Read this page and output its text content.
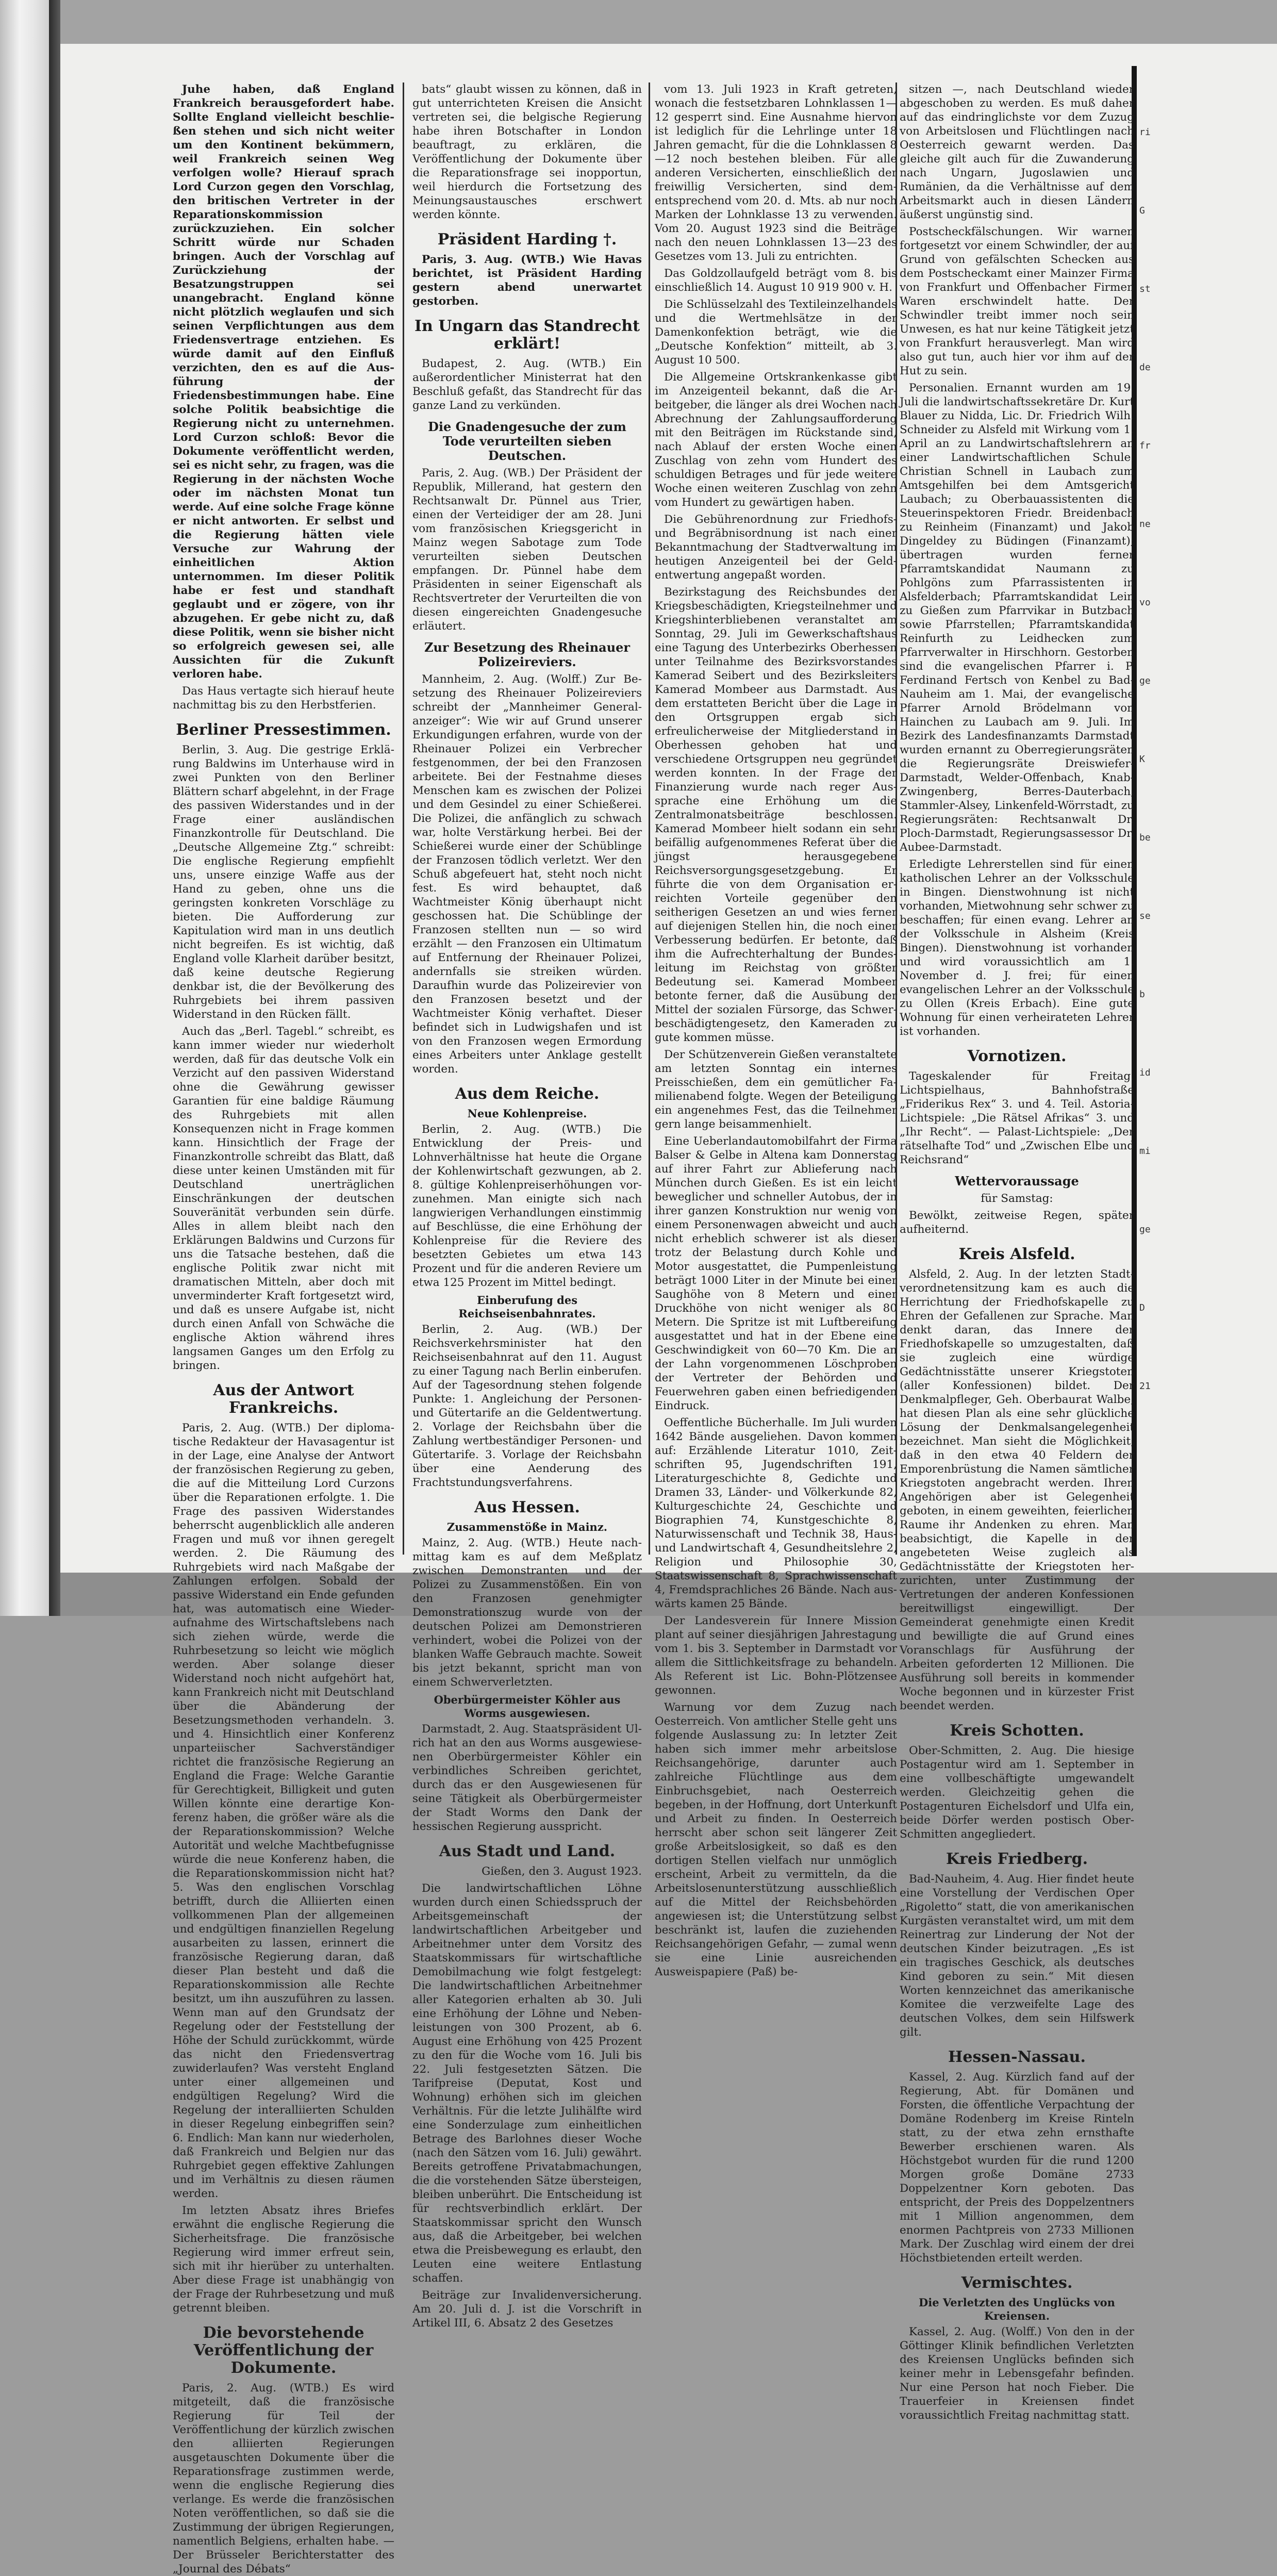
Juhe haben, daß England Frankreich berausgefordert habe. Sollte England vielleicht beschließen stehen und sich nicht weiter um den Kontinent bekümmern, weil Frankreich seinen Weg verfolgen wolle? Hierauf sprach Lord Curzon gegen den Vorschlag, den britischen Vertreter in der Reparationskommission zurückzuziehen. Ein solcher Schritt würde nur Schaden bringen. Auch der Vorschlag auf Zurückziehung der Besatzungstruppen sei unangebracht. England könne nicht plötzlich weglaufen und sich seinen Verpflichtungen aus dem Friedensvertrage entziehen. Es würde damit auf den Einfluß verzichten, den es auf die Ausführung der Friedensbestimmungen habe. Eine solche Politik beabsichtige die Regierung nicht zu unternehmen. Lord Curzon schloß: Bevor die Dokumente veröffentlicht werden, sei es nicht sehr, zu fragen, was die Regierung in der nächsten Woche oder im nächsten Monat tun werde. Auf eine solche Frage könne er nicht antworten. Er selbst und die Regierung hätten viele Versuche zur Wahrung der einheitlichen Aktion unternommen. Im dieser Politik habe er fest und standhaft geglaubt und er zögere, von ihr abzugehen. Er gebe nicht zu, daß diese Politik, wenn sie bisher nicht so erfolgreich gewesen sei, alle Aussichten für die Zukunft verloren habe.

Das Haus vertagte sich hierauf heute nachmittag bis zu den Herbstferien.

Berliner Pressestimmen.

Berlin, 3. Aug. Die gestrige Erklärung Baldwins im Unterhause wird in zwei Punkten von den Berliner Blättern scharf abgelehnt, in der Frage des passiven Widerstandes und in der Frage einer ausländischen Finanzkontrolle für Deutschland. Die „Deutsche Allgemeine Ztg.“ schreibt: Die englische Regierung empfiehlt uns, unsere einzige Waffe aus der Hand zu geben, ohne uns die geringsten konkreten Vorschläge zu bieten. Die Aufforderung zur Kapitulation wird man in uns deutlich nicht begreifen. Es ist wichtig, daß England volle Klarheit darüber besitzt, daß keine deutsche Regierung denkbar ist, die der Bevölkerung des Ruhrgebiets bei ihrem passiven Widerstand in den Rücken fällt.

Auch das „Berl. Tagebl.“ schreibt, es kann immer wieder nur wiederholt werden, daß für das deutsche Volk ein Verzicht auf den passiven Widerstand ohne die Gewährung gewisser Garantien für eine baldige Räumung des Ruhrgebiets mit allen Konsequenzen nicht in Frage kommen kann. Hinsichtlich der Frage der Finanzkontrolle schreibt das Blatt, daß diese unter keinen Umständen mit für Deutschland unerträglichen Einschränkungen der deutschen Souveränität verbunden sein dürfe. Alles in allem bleibt nach den Erklärungen Baldwins und Curzons für uns die Tatsache bestehen, daß die englische Politik zwar nicht mit dramatischen Mitteln, aber doch mit unverminderter Kraft fortgesetzt wird, und daß es unsere Aufgabe ist, nicht durch einen Anfall von Schwäche die englische Aktion während ihres langsamen Ganges um den Erfolg zu bringen.

Aus der Antwort Frankreichs.

Paris, 2. Aug. (WTB.) Der diplomatische Redakteur der Havasagentur ist in der Lage, eine Analyse der Antwort der französischen Regierung zu geben, die auf die Mitteilung Lord Curzons über die Reparationen erfolgte. 1. Die Frage des passiven Widerstandes beherrscht augenblicklich alle anderen Fragen und muß vor ihnen geregelt werden. 2. Die Räumung des Ruhrgebiets wird nach Maßgabe der Zahlungen erfolgen. Sobald der passive Widerstand ein Ende gefunden hat, was automatisch eine Wiederaufnahme des Wirtschaftslebens nach sich ziehen würde, werde die Ruhrbesetzung so leicht wie möglich werden. Aber solange dieser Widerstand noch nicht aufgehört hat, kann Frankreich nicht mit Deutschland über die Abänderung der Besetzungsmethoden verhandeln. 3. und 4. Hinsichtlich einer Konferenz unparteiischer Sachverständiger richtet die französische Regierung an England die Frage: Welche Garantie für Gerechtigkeit, Billigkeit und guten Willen könnte eine derartige Konferenz haben, die größer wäre als die der Reparationskommission? Welche Autorität und welche Machtbefugnisse würde die neue Konferenz haben, die die Reparationskommission nicht hat? 5. Was den englischen Vorschlag betrifft, durch die Alliierten einen vollkommenen Plan der allgemeinen und endgültigen finanziellen Regelung ausarbeiten zu lassen, erinnert die französische Regierung daran, daß dieser Plan besteht und daß die Reparationskommission alle Rechte besitzt, um ihn auszuführen zu lassen. Wenn man auf den Grundsatz der Regelung oder der Feststellung der Höhe der Schuld zurückkommt, würde das nicht den Friedensvertrag zuwiderlaufen? Was versteht England unter einer allgemeinen und endgültigen Regelung? Wird die Regelung der interalliierten Schulden in dieser Regelung einbegriffen sein? 6. Endlich: Man kann nur wiederholen, daß Frankreich und Belgien nur das Ruhrgebiet gegen effektive Zahlungen und im Verhältnis zu diesen räumen werden.

Im letzten Absatz ihres Briefes erwähnt die englische Regierung die Sicherheitsfrage. Die französische Regierung wird immer erfreut sein, sich mit ihr hierüber zu unterhalten. Aber diese Frage ist unabhängig von der Frage der Ruhrbesetzung und muß getrennt bleiben.

Die bevorstehende Veröffentlichung der Dokumente.

Paris, 2. Aug. (WTB.) Es wird mitgeteilt, daß die französische Regierung für Teil der Veröffentlichung der kürzlich zwischen den alliierten Regierungen ausgetauschten Dokumente über die Reparationsfrage zustimmen werde, wenn die englische Regierung dies verlange. Es werde die französischen Noten veröffentlichen, so daß sie die Zustimmung der übrigen Regierungen, namentlich Belgiens, erhalten habe. — Der Brüsseler Berichterstatter des „Journal des Débats“

bats“ glaubt wissen zu können, daß in gut unterrichteten Kreisen die Ansicht vertreten sei, die belgische Regierung habe ihren Botschafter in London beauftragt, zu erklären, die Veröffentlichung der Dokumente über die Reparationsfrage sei inopportun, weil hierdurch die Fortsetzung des Meinungsaustausches erschwert werden könnte.

Präsident Harding †.

Paris, 3. Aug. (WTB.) Wie Havas berichtet, ist Präsident Harding gestern abend unerwartet gestorben.

In Ungarn das Standrecht erklärt!

Budapest, 2. Aug. (WTB.) Ein außerordentlicher Ministerrat hat den Beschluß gefaßt, das Standrecht für das ganze Land zu verkünden.

Die Gnadengesuche der zum Tode verurteilten sieben Deutschen.

Paris, 2. Aug. (WB.) Der Präsident der Republik, Millerand, hat gestern den Rechtsanwalt Dr. Pünnel aus Trier, einen der Verteidiger der am 28. Juni vom französischen Kriegsgericht in Mainz wegen Sabotage zum Tode verurteilten sieben Deutschen empfangen. Dr. Pünnel habe dem Präsidenten in seiner Eigenschaft als Rechtsvertreter der Verurteilten die von diesen eingereichten Gnadengesuche erläutert.

Zur Besetzung des Rheinauer Polizeireviers.

Mannheim, 2. Aug. (Wolff.) Zur Besetzung des Rheinauer Polizeireviers schreibt der „Mannheimer Generalanzeiger“: Wie wir auf Grund unserer Erkundigungen erfahren, wurde von der Rheinauer Polizei ein Verbrecher festgenommen, der bei den Franzosen arbeitete. Bei der Festnahme dieses Menschen kam es zwischen der Polizei und dem Gesindel zu einer Schießerei. Die Polizei, die anfänglich zu schwach war, holte Verstärkung herbei. Bei der Schießerei wurde einer der Schüblinge der Franzosen tödlich verletzt. Wer den Schuß abgefeuert hat, steht noch nicht fest. Es wird behauptet, daß Wachtmeister König überhaupt nicht geschossen hat. Die Schüblinge der Franzosen stellten nun — so wird erzählt — den Franzosen ein Ultimatum auf Entfernung der Rheinauer Polizei, andernfalls sie streiken würden. Daraufhin wurde das Polizeirevier von den Franzosen besetzt und der Wachtmeister König verhaftet. Dieser befindet sich in Ludwigshafen und ist von den Franzosen wegen Ermordung eines Arbeiters unter Anklage gestellt worden.

Aus dem Reiche.
Neue Kohlenpreise.

Berlin, 2. Aug. (WTB.) Die Entwicklung der Preis- und Lohnverhältnisse hat heute die Organe der Kohlenwirtschaft gezwungen, ab 2. 8. gültige Kohlenpreiserhöhungen vorzunehmen. Man einigte sich nach langwierigen Verhandlungen einstimmig auf Beschlüsse, die eine Erhöhung der Kohlenpreise für die Reviere des besetzten Gebietes um etwa 143 Prozent und für die anderen Reviere um etwa 125 Prozent im Mittel bedingt.

Einberufung des Reichseisenbahnrates.

Berlin, 2. Aug. (WB.) Der Reichsverkehrsminister hat den Reichseisenbahnrat auf den 11. August zu einer Tagung nach Berlin einberufen. Auf der Tagesordnung stehen folgende Punkte: 1. Angleichung der Personen- und Gütertarife an die Geldentwertung. 2. Vorlage der Reichsbahn über die Zahlung wertbeständiger Personen- und Gütertarife. 3. Vorlage der Reichsbahn über eine Aenderung des Frachtstundungsverfahrens.

Aus Hessen.
Zusammenstöße in Mainz.

Mainz, 2. Aug. (WTB.) Heute nachmittag kam es auf dem Meßplatz zwischen Demonstranten und der Polizei zu Zusammenstößen. Ein von den Franzosen genehmigter Demonstrationszug wurde von der deutschen Polizei am Demonstrieren verhindert, wobei die Polizei von der blanken Waffe Gebrauch machte. Soweit bis jetzt bekannt, spricht man von einem Schwerverletzten.

Oberbürgermeister Köhler aus Worms ausgewiesen.

Darmstadt, 2. Aug. Staatspräsident Ulrich hat an den aus Worms ausgewiesenen Oberbürgermeister Köhler ein verbindliches Schreiben gerichtet, durch das er den Ausgewiesenen für seine Tätigkeit als Oberbürgermeister der Stadt Worms den Dank der hessischen Regierung ausspricht.

Aus Stadt und Land.

Gießen, den 3. August 1923.

Die landwirtschaftlichen Löhne wurden durch einen Schiedsspruch der Arbeitsgemeinschaft der landwirtschaftlichen Arbeitgeber und Arbeitnehmer unter dem Vorsitz des Staatskommissars für wirtschaftliche Demobilmachung wie folgt festgelegt: Die landwirtschaftlichen Arbeitnehmer aller Kategorien erhalten ab 30. Juli eine Erhöhung der Löhne und Nebenleistungen von 300 Prozent, ab 6. August eine Erhöhung von 425 Prozent zu den für die Woche vom 16. Juli bis 22. Juli festgesetzten Sätzen. Die Tarifpreise (Deputat, Kost und Wohnung) erhöhen sich im gleichen Verhältnis. Für die letzte Julihälfte wird eine Sonderzulage zum einheitlichen Betrage des Barlohnes dieser Woche (nach den Sätzen vom 16. Juli) gewährt. Bereits getroffene Privatabmachungen, die die vorstehenden Sätze übersteigen, bleiben unberührt. Die Entscheidung ist für rechtsverbindlich erklärt. Der Staatskommissar spricht den Wunsch aus, daß die Arbeitgeber, bei welchen etwa die Preisbewegung es erlaubt, den Leuten eine weitere Entlastung schaffen.

Beiträge zur Invalidenversicherung. Am 20. Juli d. J. ist die Vorschrift in Artikel III, 6. Absatz 2 des Gesetzes

vom 13. Juli 1923 in Kraft getreten, wonach die festsetzbaren Lohnklassen 1—12 gesperrt sind. Eine Ausnahme hiervon ist lediglich für die Lehrlinge unter 18 Jahren gemacht, für die die Lohnklassen 8—12 noch bestehen bleiben. Für alle anderen Versicherten, einschließlich der freiwillig Versicherten, sind dementsprechend vom 20. d. Mts. ab nur noch Marken der Lohnklasse 13 zu verwenden. Vom 20. August 1923 sind die Beiträge nach den neuen Lohnklassen 13—23 des Gesetzes vom 13. Juli zu entrichten.

Das Goldzollaufgeld beträgt vom 8. bis einschließlich 14. August 10 919 900 v. H.

Die Schlüsselzahl des Textileinzelhandels und die Wertmehlsätze in der Damenkonfektion beträgt, wie die „Deutsche Konfektion“ mitteilt, ab 3. August 10 500.

Die Allgemeine Ortskrankenkasse gibt im Anzeigenteil bekannt, daß die Arbeitgeber, die länger als drei Wochen nach Abrechnung der Zahlungsaufforderung mit den Beiträgen im Rückstande sind, nach Ablauf der ersten Woche einen Zuschlag von zehn vom Hundert des schuldigen Betrages und für jede weitere Woche einen weiteren Zuschlag von zehn vom Hundert zu gewärtigen haben.

Die Gebührenordnung zur Friedhofs- und Begräbnisordnung ist nach einer Bekanntmachung der Stadtverwaltung im heutigen Anzeigenteil bei der Geldentwertung angepaßt worden.

Bezirkstagung des Reichsbundes der Kriegsbeschädigten, Kriegsteilnehmer und Kriegshinterbliebenen veranstaltet am Sonntag, 29. Juli im Gewerkschaftshaus eine Tagung des Unterbezirks Oberhessen unter Teilnahme des Bezirksvorstandes Kamerad Seibert und des Bezirksleiters Kamerad Mombeer aus Darmstadt. Aus dem erstatteten Bericht über die Lage in den Ortsgruppen ergab sich erfreulicherweise der Mitgliederstand in Oberhessen gehoben hat und verschiedene Ortsgruppen neu gegründet werden konnten. In der Frage der Finanzierung wurde nach reger Aussprache eine Erhöhung um die Zentralmonatsbeiträge beschlossen. Kamerad Mombeer hielt sodann ein sehr beifällig aufgenommenes Referat über die jüngst herausgegebene Reichsversorgungsgesetzgebung. Er führte die von dem Organisation erreichten Vorteile gegenüber den seitherigen Gesetzen an und wies ferner auf diejenigen Stellen hin, die noch einer Verbesserung bedürfen. Er betonte, daß ihm die Aufrechterhaltung der Bundesleitung im Reichstag von größter Bedeutung sei. Kamerad Mombeer betonte ferner, daß die Ausübung der Mittel der sozialen Fürsorge, das Schwerbeschädigtengesetz, den Kameraden zu gute kommen müsse.

Der Schützenverein Gießen veranstaltete am letzten Sonntag ein internes Preisschießen, dem ein gemütlicher Familienabend folgte. Wegen der Beteiligung ein angenehmes Fest, das die Teilnehmer gern lange beisammenhielt.

Eine Ueberlandautomobilfahrt der Firma Balser & Gelbe in Altena kam Donnerstag auf ihrer Fahrt zur Ablieferung nach München durch Gießen. Es ist ein leicht beweglicher und schneller Autobus, der in ihrer ganzen Konstruktion nur wenig von einem Personenwagen abweicht und auch nicht erheblich schwerer ist als dieser trotz der Belastung durch Kohle und Motor ausgestattet, die Pumpenleistung beträgt 1000 Liter in der Minute bei einer Saughöhe von 8 Metern und einer Druckhöhe von nicht weniger als 80 Metern. Die Spritze ist mit Luftbereifung ausgestattet und hat in der Ebene eine Geschwindigkeit von 60—70 Km. Die an der Lahn vorgenommenen Löschproben der Vertreter der Behörden und Feuerwehren gaben einen befriedigenden Eindruck.

Oeffentliche Bücherhalle. Im Juli wurden 1642 Bände ausgeliehen. Davon kommen auf: Erzählende Literatur 1010, Zeitschriften 95, Jugendschriften 191, Literaturgeschichte 8, Gedichte und Dramen 33, Länder- und Völkerkunde 82, Kulturgeschichte 24, Geschichte und Biographien 74, Kunstgeschichte 8, Naturwissenschaft und Technik 38, Haus- und Landwirtschaft 4, Gesundheitslehre 2, Religion und Philosophie 30, Staatswissenschaft 8, Sprachwissenschaft 4, Fremdsprachliches 26 Bände. Nach auswärts kamen 25 Bände.

Der Landesverein für Innere Mission plant auf seiner diesjährigen Jahrestagung vom 1. bis 3. September in Darmstadt vor allem die Sittlichkeitsfrage zu behandeln. Als Referent ist Lic. Bohn-Plötzensee gewonnen.

Warnung vor dem Zuzug nach Oesterreich. Von amtlicher Stelle geht uns folgende Auslassung zu: In letzter Zeit haben sich immer mehr arbeitslose Reichsangehörige, darunter auch zahlreiche Flüchtlinge aus dem Einbruchsgebiet, nach Oesterreich begeben, in der Hoffnung, dort Unterkunft und Arbeit zu finden. In Oesterreich herrscht aber schon seit längerer Zeit große Arbeitslosigkeit, so daß es den dortigen Stellen vielfach nur unmöglich erscheint, Arbeit zu vermitteln, da die Arbeitslosenunterstützung ausschließlich auf die Mittel der Reichsbehörden angewiesen ist; die Unterstützung selbst beschränkt ist, laufen die zuziehenden Reichsangehörigen Gefahr, — zumal wenn sie eine Linie ausreichenden Ausweispapiere (Paß) be-

sitzen —, nach Deutschland wieder abgeschoben zu werden. Es muß daher auf das eindringlichste vor dem Zuzug von Arbeitslosen und Flüchtlingen nach Oesterreich gewarnt werden. Das gleiche gilt auch für die Zuwanderung nach Ungarn, Jugoslawien und Rumänien, da die Verhältnisse auf dem Arbeitsmarkt auch in diesen Ländern äußerst ungünstig sind.

Postscheckfälschungen. Wir warnen fortgesetzt vor einem Schwindler, der auf Grund von gefälschten Schecken aus dem Postscheckamt einer Mainzer Firma von Frankfurt und Offenbacher Firmen Waren erschwindelt hatte. Der Schwindler treibt immer noch sein Unwesen, es hat nur keine Tätigkeit jetzt von Frankfurt herausverlegt. Man wird also gut tun, auch hier vor ihm auf der Hut zu sein.

Personalien. Ernannt wurden am 19. Juli die landwirtschaftssekretäre Dr. Kurt Blauer zu Nidda, Lic. Dr. Friedrich Wilh. Schneider zu Alsfeld mit Wirkung vom 1. April an zu Landwirtschaftslehrern an einer Landwirtschaftlichen Schule. Christian Schnell in Laubach zum Amtsgehilfen bei dem Amtsgericht Laubach; zu Oberbauassistenten die Steuerinspektoren Friedr. Breidenbach zu Reinheim (Finanzamt) und Jakob Dingeldey zu Büdingen (Finanzamt); übertragen wurden ferner Pfarramtskandidat Naumann zu Pohlgöns zum Pfarrassistenten in Alsfelderbach; Pfarramtskandidat Lein zu Gießen zum Pfarrvikar in Butzbach sowie Pfarrstellen; Pfarramtskandidat Reinfurth zu Leidhecken zum Pfarrverwalter in Hirschhorn. Gestorben sind die evangelischen Pfarrer i. P. Ferdinand Fertsch von Kenbel zu Bad-Nauheim am 1. Mai, der evangelische Pfarrer Arnold Brödelmann von Hainchen zu Laubach am 9. Juli. Im Bezirk des Landesfinanzamts Darmstadt wurden ernannt zu Oberregierungsräten die Regierungsräte Dreiswiefer-Darmstadt, Welder-Offenbach, Knab-Zwingenberg, Berres-Dauterbach, Stammler-Alsey, Linkenfeld-Wörrstadt, zu Regierungsräten: Rechtsanwalt Dr. Ploch-Darmstadt, Regierungsassessor Dr. Aubee-Darmstadt.

Erledigte Lehrerstellen sind für einen katholischen Lehrer an der Volksschule in Bingen. Dienstwohnung ist nicht vorhanden, Mietwohnung sehr schwer zu beschaffen; für einen evang. Lehrer an der Volksschule in Alsheim (Kreis Bingen). Dienstwohnung ist vorhanden und wird voraussichtlich am 1. November d. J. frei; für einen evangelischen Lehrer an der Volksschule zu Ollen (Kreis Erbach). Eine gute Wohnung für einen verheirateten Lehrer ist vorhanden.

Vornotizen.

Tageskalender für Freitag. Lichtspielhaus, Bahnhofstraße „Friderikus Rex“ 3. und 4. Teil. Astoria-Lichtspiele: „Die Rätsel Afrikas“ 3. und „Ihr Recht“. — Palast-Lichtspiele: „Der rätselhafte Tod“ und „Zwischen Elbe und Reichsrand“

Wettervoraussage

für Samstag:

Bewölkt, zeitweise Regen, später aufheiternd.

Kreis Alsfeld.

Alsfeld, 2. Aug. In der letzten Stadtverordnetensitzung kam es auch die Herrichtung der Friedhofskapelle zu Ehren der Gefallenen zur Sprache. Man denkt daran, das Innere der Friedhofskapelle so umzugestalten, daß sie zugleich eine würdige Gedächtnisstätte unserer Kriegstoten (aller Konfessionen) bildet. Der Denkmalpfleger, Geh. Oberbaurat Walbe, hat diesen Plan als eine sehr glückliche Lösung der Denkmalsangelegenheit bezeichnet. Man sieht die Möglichkeit, daß in den etwa 40 Feldern der Emporenbrüstung die Namen sämtlicher Kriegstoten angebracht werden. Ihren Angehörigen aber ist Gelegenheit geboten, in einem geweihten, feierlichen Raume ihr Andenken zu ehren. Man beabsichtigt, die Kapelle in der angebeteten Weise zugleich als Gedächtnisstätte der Kriegstoten herzurichten, unter Zustimmung der Vertretungen der anderen Konfessionen bereitwilligst eingewilligt. Der Gemeinderat genehmigte einen Kredit und bewilligte die auf Grund eines Voranschlags für Ausführung der Arbeiten geforderten 12 Millionen. Die Ausführung soll bereits in kommender Woche begonnen und in kürzester Frist beendet werden.

Kreis Schotten.

Ober-Schmitten, 2. Aug. Die hiesige Postagentur wird am 1. September in eine vollbeschäftigte umgewandelt werden. Gleichzeitig gehen die Postagenturen Eichelsdorf und Ulfa ein, beide Dörfer werden postisch OberSchmitten angegliedert.

Kreis Friedberg.

Bad-Nauheim, 4. Aug. Hier findet heute eine Vorstellung der Verdischen Oper „Rigoletto“ statt, die von amerikanischen Kurgästen veranstaltet wird, um mit dem Reinertrag zur Linderung der Not der deutschen Kinder beizutragen. „Es ist ein tragisches Geschick, als deutsches Kind geboren zu sein.“ Mit diesen Worten kennzeichnet das amerikanische Komitee die verzweifelte Lage des deutschen Volkes, dem sein Hilfswerk gilt.

Hessen-Nassau.

Kassel, 2. Aug. Kürzlich fand auf der Regierung, Abt. für Domänen und Forsten, die öffentliche Verpachtung der Domäne Rodenberg im Kreise Rinteln statt, zu der etwa zehn ernsthafte Bewerber erschienen waren. Als Höchstgebot wurden für die rund 1200 Morgen große Domäne 2733 Doppelzentner Korn geboten. Das entspricht, der Preis des Doppelzentners mit 1 Million angenommen, dem enormen Pachtpreis von 2733 Millionen Mark. Der Zuschlag wird einem der drei Höchstbietenden erteilt werden.

Vermischtes.
Die Verletzten des Unglücks von Kreiensen.

Kassel, 2. Aug. (Wolff.) Von den in der Göttinger Klinik befindlichen Verletzten des Kreiensen Unglücks befinden sich keiner mehr in Lebensgefahr befinden. Nur eine Person hat noch Fieber. Die Trauerfeier in Kreiensen findet voraussichtlich Freitag nachmittag statt.

ri
G
st
de
fr
ne
vo
ge
K
be
se
b
id
mi
ge
D
21
